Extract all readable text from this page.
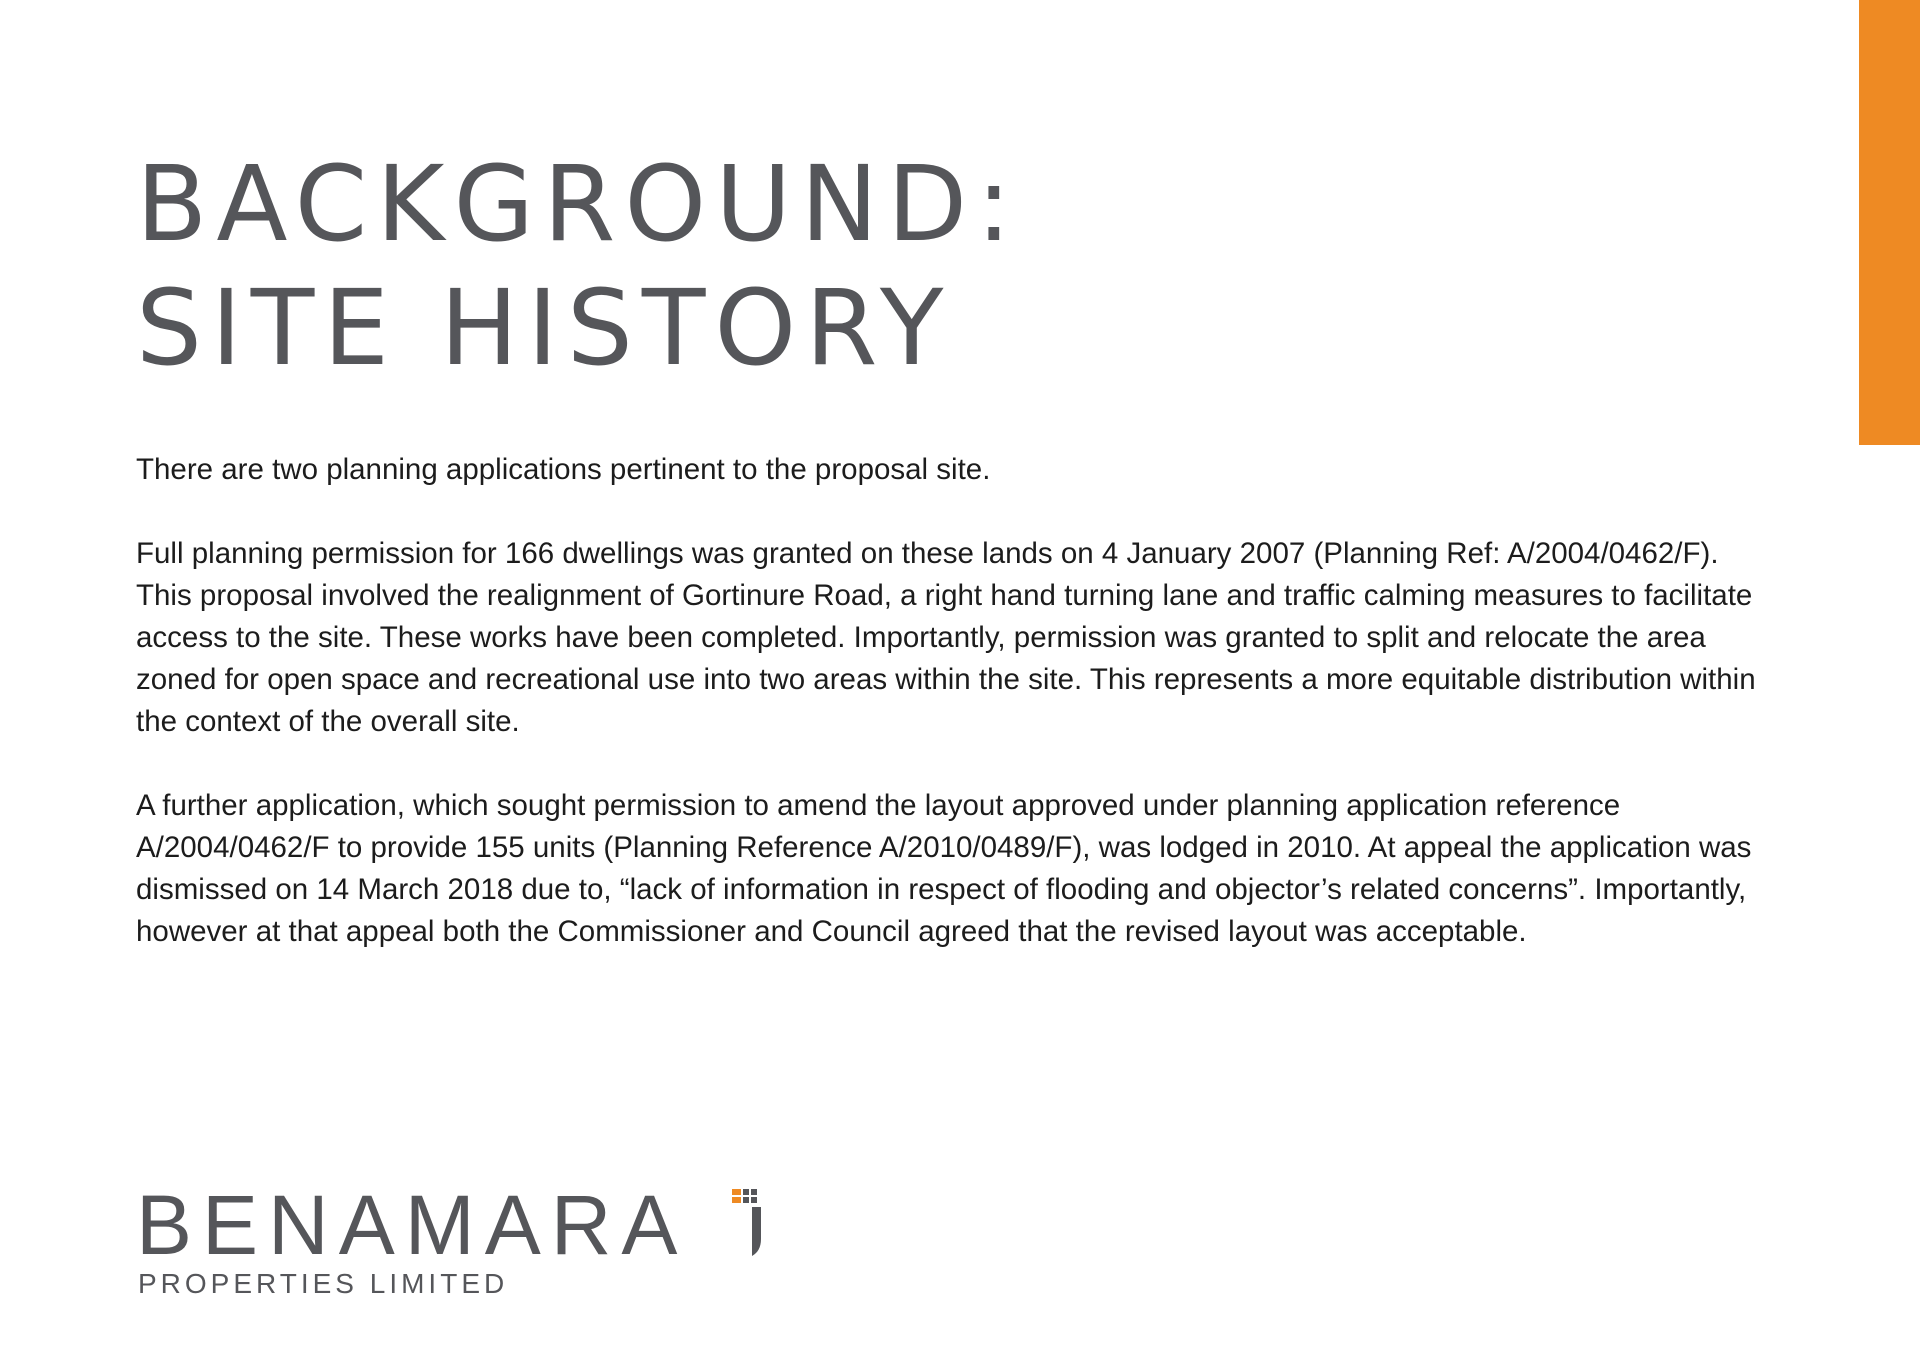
BACKGROUND:
SITE HISTORY

There are two planning applications pertinent to the proposal site.

Full planning permission for 166 dwellings was granted on these lands on 4 January 2007 (Planning Ref: A/2004/0462/F). This proposal involved the realignment of Gortinure Road, a right hand turning lane and traffic calming measures to facilitate access to the site. These works have been completed. Importantly, permission was granted to split and relocate the area zoned for open space and recreational use into two areas within the site. This represents a more equitable distribution within the context of the overall site.

A further application, which sought permission to amend the layout approved under planning application reference A/2004/0462/F to provide 155 units (Planning Reference A/2010/0489/F), was lodged in 2010. At appeal the application was dismissed on 14 March 2018 due to, “lack of information in respect of flooding and objector’s related concerns”. Importantly, however at that appeal both the Commissioner and Council agreed that the revised layout was acceptable.

BENAMARA
PROPERTIES LIMITED
